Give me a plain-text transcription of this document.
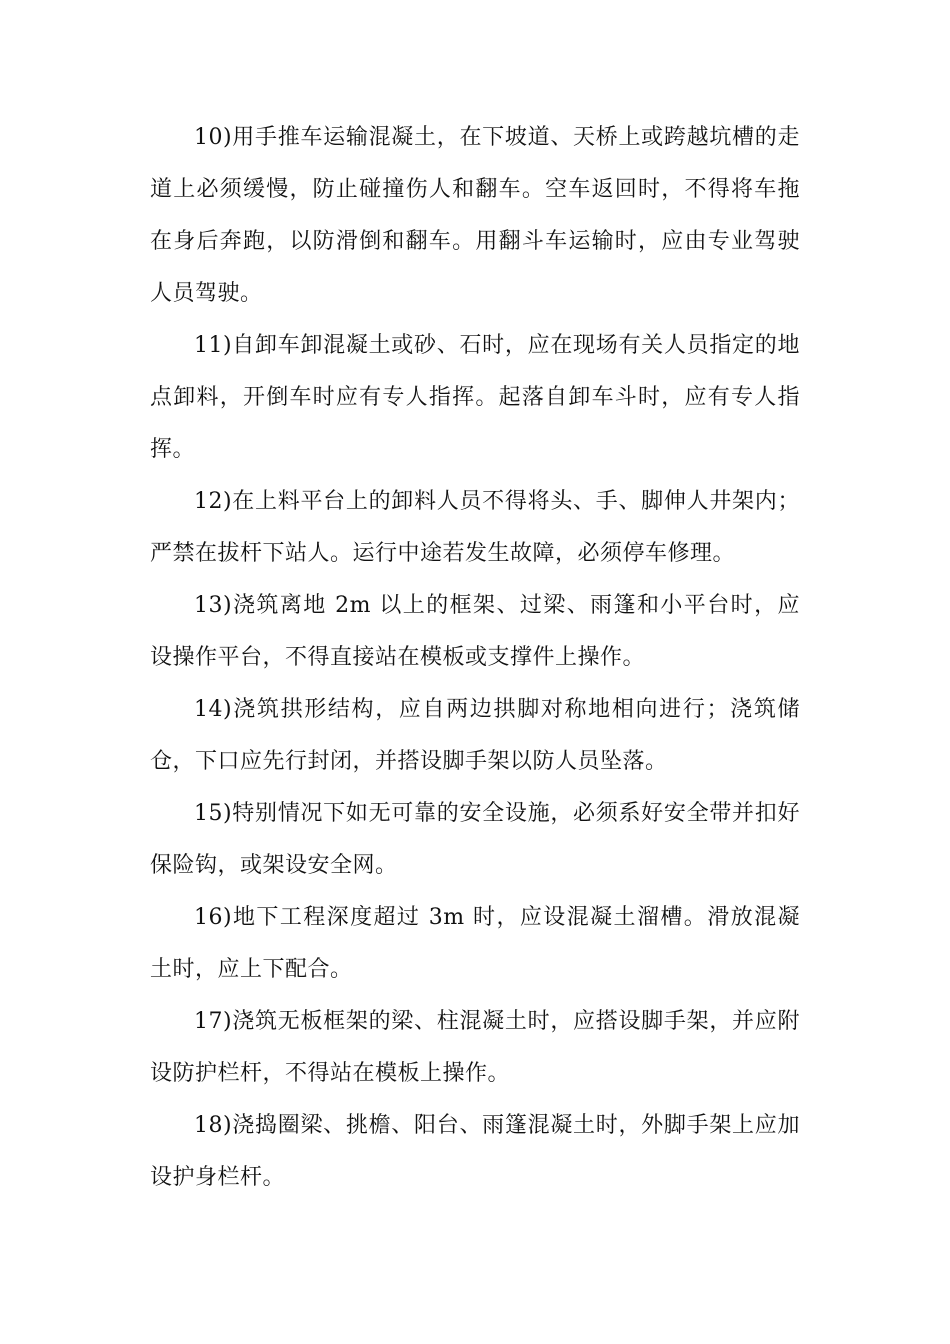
10)用手推车运输混凝土，在下坡道、天桥上或跨越坑槽的走道上必须缓慢，防止碰撞伤人和翻车。空车返回时，不得将车拖在身后奔跑，以防滑倒和翻车。用翻斗车运输时，应由专业驾驶人员驾驶。

11)自卸车卸混凝土或砂、石时，应在现场有关人员指定的地点卸料，开倒车时应有专人指挥。起落自卸车斗时，应有专人指挥。

12)在上料平台上的卸料人员不得将头、手、脚伸人井架内；严禁在拔杆下站人。运行中途若发生故障，必须停车修理。

13)浇筑离地 2m 以上的框架、过梁、雨篷和小平台时，应设操作平台，不得直接站在模板或支撑件上操作。

14)浇筑拱形结构，应自两边拱脚对称地相向进行；浇筑储仓，下口应先行封闭，并搭设脚手架以防人员坠落。

15)特别情况下如无可靠的安全设施，必须系好安全带并扣好保险钩，或架设安全网。

16)地下工程深度超过 3m 时，应设混凝土溜槽。滑放混凝土时，应上下配合。

17)浇筑无板框架的梁、柱混凝土时，应搭设脚手架，并应附设防护栏杆，不得站在模板上操作。

18)浇捣圈梁、挑檐、阳台、雨篷混凝土时，外脚手架上应加设护身栏杆。
